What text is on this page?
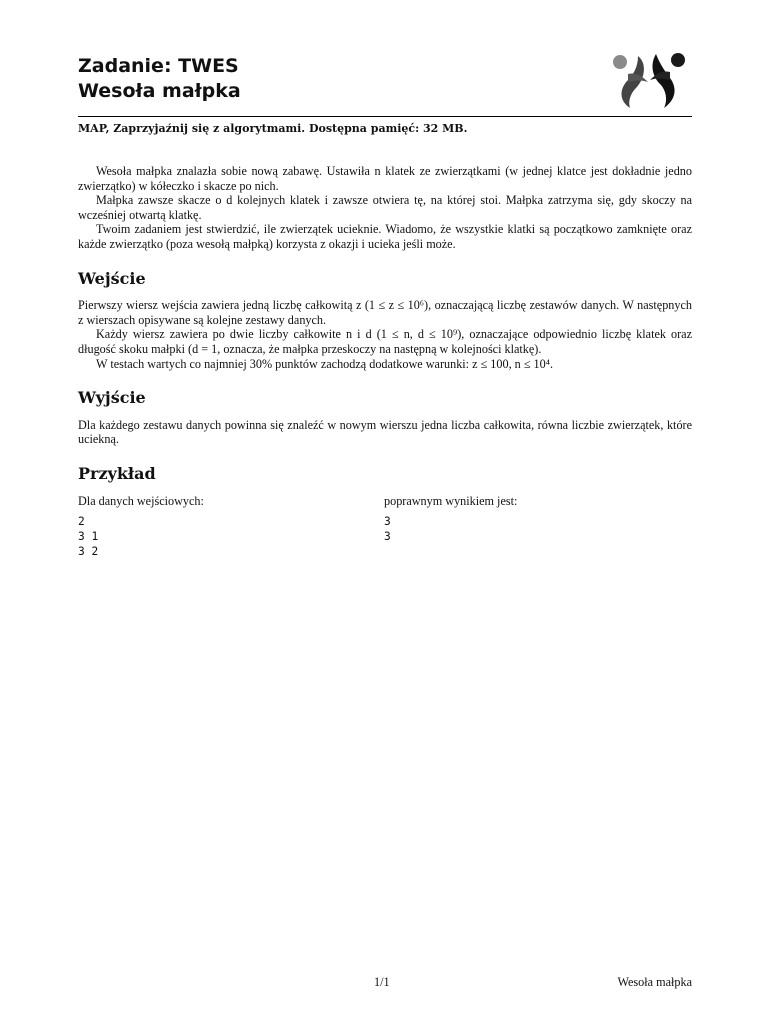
Zadanie: TWES
Wesoła małpka
MAP, Zaprzyjaźnij się z algorytmami. Dostępna pamięć: 32 MB.

Wesoła małpka znalazła sobie nową zabawę. Ustawiła n klatek ze zwierzątkami (w jednej klatce jest dokładnie jedno zwierzątko) w kółeczko i skacze po nich.

Małpka zawsze skacze o d kolejnych klatek i zawsze otwiera tę, na której stoi. Małpka zatrzyma się, gdy skoczy na wcześniej otwartą klatkę.

Twoim zadaniem jest stwierdzić, ile zwierzątek ucieknie. Wiadomo, że wszystkie klatki są początkowo zamknięte oraz każde zwierzątko (poza wesołą małpką) korzysta z okazji i ucieka jeśli może.

Wejście

Pierwszy wiersz wejścia zawiera jedną liczbę całkowitą z (1 ≤ z ≤ 10⁶), oznaczającą liczbę zestawów danych. W następnych z wierszach opisywane są kolejne zestawy danych.

Każdy wiersz zawiera po dwie liczby całkowite n i d (1 ≤ n, d ≤ 10⁹), oznaczające odpowiednio liczbę klatek oraz długość skoku małpki (d = 1, oznacza, że małpka przeskoczy na następną w kolejności klatkę).

W testach wartych co najmniej 30% punktów zachodzą dodatkowe warunki: z ≤ 100, n ≤ 10⁴.

Wyjście

Dla każdego zestawu danych powinna się znaleźć w nowym wierszu jedna liczba całkowita, równa liczbie zwierzątek, które uciekną.

Przykład
Dla danych wejściowych:
2
3 1
3 2
poprawnym wynikiem jest:
3
3
1/1	Wesoła małpka
